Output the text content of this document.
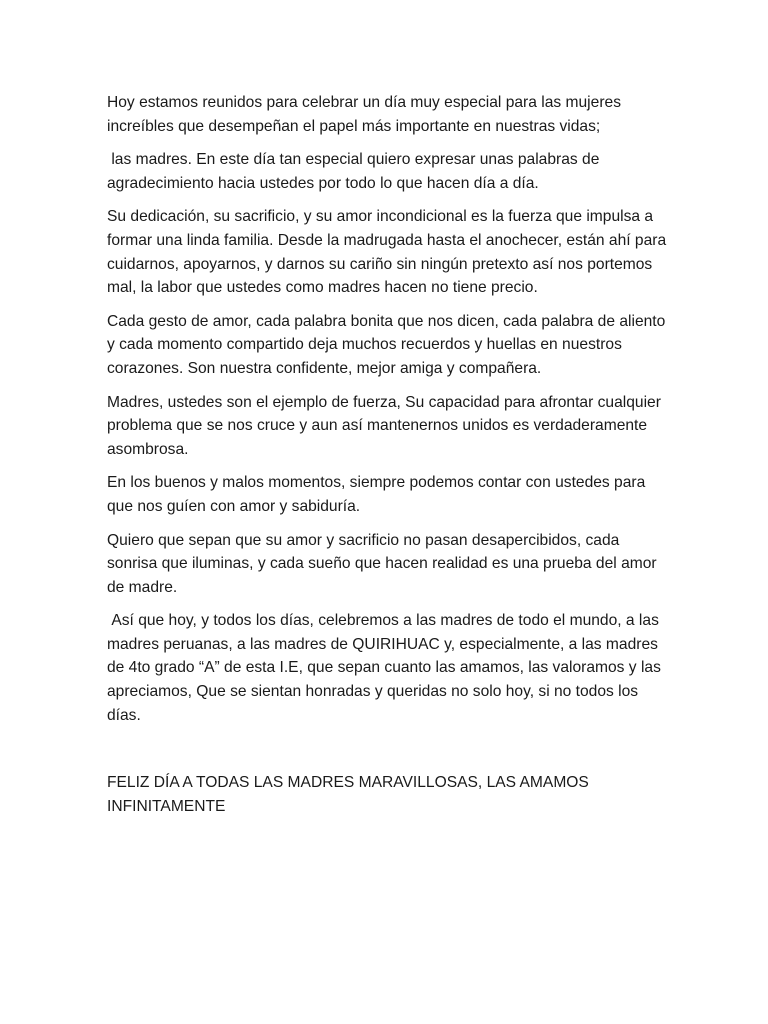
Hoy estamos reunidos para celebrar un día muy especial para las mujeres increíbles que desempeñan el papel más importante en nuestras vidas;

las madres. En este día tan especial quiero expresar unas palabras de agradecimiento hacia ustedes por todo lo que hacen día a día.

Su dedicación, su sacrificio, y su amor incondicional es la fuerza que impulsa a formar una linda familia. Desde la madrugada hasta el anochecer, están ahí para cuidarnos, apoyarnos, y darnos su cariño sin ningún pretexto así nos portemos mal, la labor que ustedes como madres hacen no tiene precio.

Cada gesto de amor, cada palabra bonita que nos dicen, cada palabra de aliento y cada momento compartido deja muchos recuerdos y huellas en nuestros corazones. Son nuestra confidente, mejor amiga y compañera.

Madres, ustedes son el ejemplo de fuerza, Su capacidad para afrontar cualquier problema que se nos cruce y aun así mantenernos unidos es verdaderamente asombrosa.

En los buenos y malos momentos, siempre podemos contar con ustedes para que nos guíen con amor y sabiduría.

Quiero que sepan que su amor y sacrificio no pasan desapercibidos, cada sonrisa que iluminas, y cada sueño que hacen realidad es una prueba del amor de madre.

Así que hoy, y todos los días, celebremos a las madres de todo el mundo, a las madres peruanas, a las madres de QUIRIHUAC y, especialmente, a las madres de 4to grado “A” de esta I.E, que sepan cuanto las amamos, las valoramos y las apreciamos, Que se sientan honradas y queridas no solo hoy, si no todos los días.

FELIZ DÍA A TODAS LAS MADRES MARAVILLOSAS, LAS AMAMOS INFINITAMENTE
